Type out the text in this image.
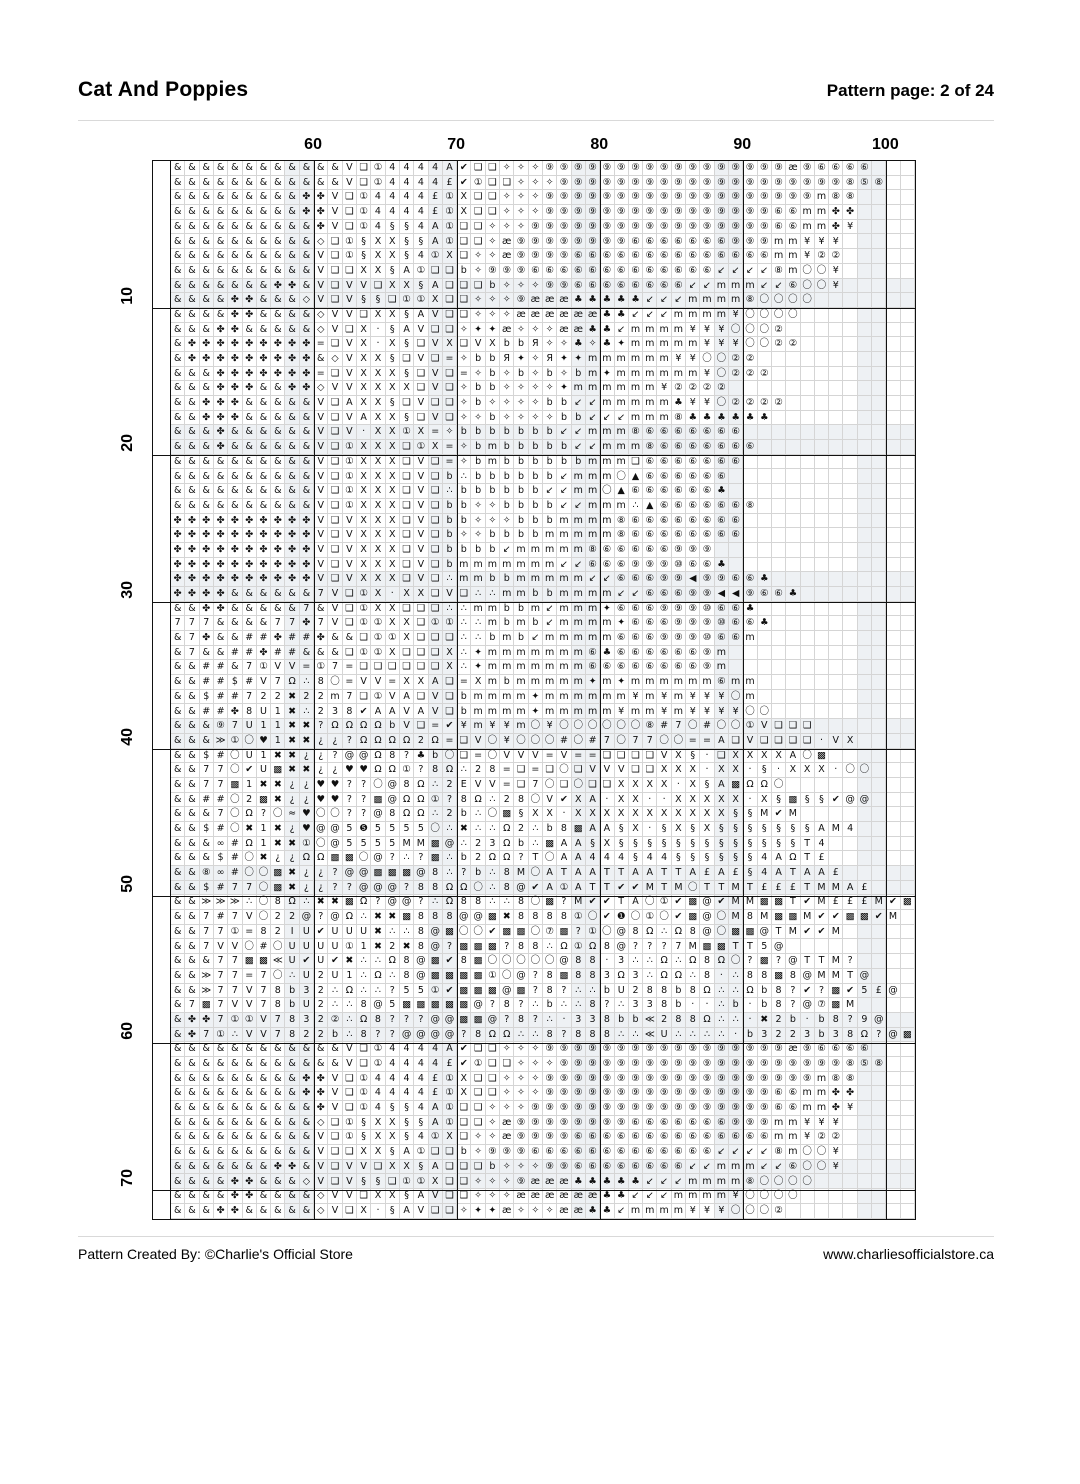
Cat And Poppies	Pattern page: 2 of 24
60	70	80	90	100
10
20
30
40
50
60
70
& & & & & & & & & & & & V ❑ ① 4 4 4 4 A ✔ ❑ ❑ ✧ ✧ ✧ ⑨ ⑨ ⑨ ⑨ ⑨ ⑨ ⑨ ⑨ ⑨ ⑨ ⑨ ⑨ ⑨ ⑨ ⑨ ⑨ ⑨ æ ⑨ ⑥ ⑥ ⑥ ⑥
& & & & & & & & & & & & V ❑ ① 4 4 4 4 £ ✔ ① ❑ ❑ ✧ ✧ ✧ ⑨ ⑨ ⑨ ⑨ ⑨ ⑨ ⑨ ⑨ ⑨ ⑨ ⑨ ⑨ ⑨ ⑨ ⑨ ⑨ ⑨ ⑨ ⑨ ⑨ ⑧ ⑤ ⑧
& & & & & & & & & ✤ ✤ V ❑ ① 4 4 4 4 £ ① X ❑ ❑ ✧ ✧ ✧ ⑨ ⑨ ⑨ ⑨ ⑨ ⑨ ⑨ ⑨ ⑨ ⑨ ⑨ ⑨ ⑨ ⑨ ⑨ ⑨ ⑨ ⑨ ⑨ m ⑧ ⑧
& & & & & & & & & ✤ ✤ V ❑ ① 4 4 4 4 £ ① X ❑ ❑ ✧ ✧ ✧ ⑨ ⑨ ⑨ ⑨ ⑨ ⑨ ⑨ ⑨ ⑨ ⑨ ⑨ ⑨ ⑨ ⑨ ⑨ ⑨ ⑥ ⑥ m m ✤ ✤
& & & & & & & & & & ✤ V ❑ ① 4 §	§ 4 A ① ❑ ❑ ✧ ✧ ✧ ⑨ ⑨ ⑨ ⑨ ⑨ ⑨ ⑨ ⑨ ⑨ ⑨ ⑨ ⑨ ⑨ ⑨ ⑨ ⑨ ⑨ ⑥ ⑥ m m ✤ ¥
& & & & & & & & & & ◇ ❑ ① § X X §	§ A ① ❑ ❑ ✧ æ ⑨ ⑨ ⑨ ⑨ ⑨ ⑨ ⑨ ⑨ ⑥ ⑥ ⑥ ⑥ ⑥ ⑥ ⑥ ⑨ ⑨ ⑨ m m ¥ ¥ ¥
& & & & & & & & & & V ❑ ① § X X § 4 ① X ❑ ✧ ✧ æ ⑨ ⑨ ⑨ ⑨ ⑥ ⑥ ⑥ ⑥ ⑥ ⑥ ⑥ ⑥ ⑥ ⑥ ⑥ ⑥ ⑥ ⑥ m m ¥ ② ②
& & & & & & & & & & V ❑ ❑ X X § A ① ❑ ❑ b ✧ ⑨ ⑨ ⑨ ⑥ ⑥ ⑥ ⑥ ⑥ ⑥ ⑥ ⑥ ⑥ ⑥ ⑥ ⑥ ⑥ ↙ ↙ ↙ ↙ ⑧ m 〇 〇 ¥
& & & & & & & ✤ ✤ & V ❑ V V ❑ X X § A ❑ ❑ ❑ b ✧ ✧ ✧ ⑨ ⑨ ⑥ ⑥ ⑥ ⑥ ⑥ ⑥ ⑥ ⑥ ↙ ↙ m m m ↙ ↙ ⑥ 〇 〇 ¥
& & & & ✤ ✤ & & & ◇ V ❑ V §	§ ❑ ① ① X ❑ ❑ ✧ ✧ ✧ ⑨ æ æ æ ♣ ♣ ♣ ♣ ♣ ↙ ↙ ↙ m m m m ⑧ 〇 〇 〇 〇
& & & & ✤ ✤ & & & & ◇ V V ❑ X X § A V ❑ ❑ ✧ ✧ ✧ æ æ æ æ æ æ ♣ ♣ ↙ ↙ ↙ m m m m ¥ 〇 〇 〇 〇
& & & ✤ ✤ & & & & & ◇ V ❑ X	·	§ A V ❑ ❑ ✧ ✦ ✦ æ ✧ ✧ ✧ æ æ ♣ ♣ ↙ m m m m ¥ ¥ ¥ 〇 〇 〇 ②
& ✤ ✤ ✤ ✤ ✤ ✤ ✤ ✤ ✤ = ❑ V X	·	X § ❑ V X ❑ V X b b Я ✧ ✧ ♣ ✧ ♣ ✦ m m m m m ¥ ¥ ¥ 〇 〇 ② ②
& ✤ ✤ ✤ ✤ ✤ ✤ ✤ ✤ ✤ & ◇ V X X § ❑ V ❑ = ✧ b b Я ✦ ✧ Я ✦ ✦ m m m m m m ¥ ¥ 〇 〇 ② ②
& & & ✤ ✤ ✤ ✤ ✤ ✤ ✤ = ❑ V X X X § ❑ V ❑ = ✧ b ✧ b ✧ b ✧ b m ✦ m m m m m m ¥ 〇 ② ② ②
& & & ✤ ✤ ✤ & & ✤ ✤ ◇ V V X X X X ❑ V ❑ ✧ b b ✧ ✧ ✧ ✧ ✦ m m m m m m ¥ ② ② ② ②
& & ✤ ✤ ✤ & & & & & V ❑ A X X § ❑ V ❑ ❑ ✧ b ✧ ✧ ✧ ✧ b b ↙ ↙ m m m m m ♣ ¥ ¥ 〇 ② ② ② ②
& & ✤ ✤ ✤ & & & & & V ❑ V A X X § ❑ V ❑ ✧ ✧ b ✧ ✧ ✧ ✧ b b ↙ ↙ ↙ m m m ⑧ ♣ ♣ ♣ ♣ ♣ ♣
& & & ✤ & & & & & & V ❑ V	·	X X ① X = ✧ b b b b b b b ↙ ↙ m m m ⑧ ⑥ ⑥ ⑥ ⑥ ⑥ ⑥ ⑥
& & & ✤ & & & & & & V ❑ ① X X X ❑ ① X = ✧ b m b b b b b ↙ ↙ m m m ⑧ ⑥ ⑥ ⑥ ⑥ ⑥ ⑥ ⑥
& & & & & & & & & & V ❑ ① X X X ❑ V ❑ = ✧ b m b b b b b b m m m ❑ ⑥ ⑥ ⑥ ⑥ ⑥ ⑥ ⑥
& & & & & & & & & & V ❑ ① X X X ❑ V ❑ b ∴ b b b b b b ↙ m m m 〇 ▲ ⑥ ⑥ ⑥ ⑥ ⑥ ⑥
& & & & & & & & & & V ❑ ① X X X ❑ V ❑ ∴ b b b b b b ↙ ↙ m m 〇 ▲ ⑥ ⑥ ⑥ ⑥ ⑥ ⑥ ♣
& & & & & & & & & & V ❑ ① X X X ❑ V ❑ b b ✧ ✧ b b b b ↙ ↙ m m m ∴ ▲ ⑥ ⑥ ⑥ ⑥ ⑥ ⑥ ⑧
✤ ✤ ✤ ✤ ✤ ✤ ✤ ✤ ✤ ✤ V ❑ V X X X ❑ V ❑ b b ✧ ✧ ✧ b b b m m m m ⑧ ⑥ ⑥ ⑥ ⑥ ⑥ ⑥ ⑥ ⑥
✤ ✤ ✤ ✤ ✤ ✤ ✤ ✤ ✤ ✤ V ❑ V X X X ❑ V ❑ b ✧ ✧ b b b b m m m m m ⑧ ⑥ ⑥ ⑥ ⑥ ⑥ ⑥ ⑥ ⑥
✤ ✤ ✤ ✤ ✤ ✤ ✤ ✤ ✤ ✤ V ❑ V X X X ❑ V ❑ b b b b ↙ m m m m m ⑧ ⑥ ⑥ ⑥ ⑥ ⑥ ⑨ ⑨ ⑨
✤ ✤ ✤ ✤ ✤ ✤ ✤ ✤ ✤ ✤ V ❑ V X X X ❑ V ❑ b m m m m m m m ↙ ↙ ⑥ ⑥ ⑥ ⑨ ⑨ ⑨ ⑩ ⑥ ⑥ ♣
✤ ✤ ✤ ✤ ✤ ✤ ✤ ✤ ✤ ✤ V ❑ V X X X ❑ V ❑ ∴ m m b b m m m m m ↙ ↙ ⑥ ⑥ ⑥ ⑨ ⑨ ◀ ⑨ ⑨ ⑥ ⑥ ♣
✤ ✤ ✤ ✤ & & & & & & 7 V ❑ ① X	·	X X ❑ V ❑ ∴ ∴ m m b b m m m m ↙ ↙ ⑥ ⑥ ⑥ ⑨ ⑨ ◀ ◀ ⑨ ⑥ ⑥ ♣
& & ✤ ✤ & & & & & 7 & V ❑ ① X X ❑ ❑ ❑ ∴ ∴ m m b b m ↙ m m m ✦ ⑥ ⑥ ⑥ ⑨ ⑨ ⑨ ⑩ ⑥ ⑥ ♣
7 7 7 & & & & 7 7 ✤ 7 V ❑ ① ① X X ❑ ① ① ∴ ∴ m b m b ↙ m m m m ✦ ⑥ ⑥ ⑥ ⑨ ⑨ ⑨ ⑩ ⑥ ⑥ ♣
& 7 ✤ & & # # ✤ # # ✤ & & ❑ ① ① X ❑ ❑ ❑ ∴ ∴ b m b ↙ m m m m m ⑥ ⑥ ⑥ ⑨ ⑨ ⑨ ⑩ ⑥ ⑥ m
& 7 & & # # ✤ # # & & & ❑ ① ① X ❑ ❑ ❑ X ∴ ✦ m m m m m m m ⑥ ♣ ⑥ ⑥ ⑥ ⑥ ⑥ ⑥ ⑨ m
& & # # & 7 ① V V = ① 7 = ❑ ❑ ❑ ❑ ❑ ❑ X ∴ ✦ m m m m m m m ⑥ ⑥ ⑥ ⑥ ⑥ ⑥ ⑥ ⑥ ⑨ m
& & # # $ # V 7 Ω ∴ 8 〇 = V V = X X A ❑ = X m b m m m m m ✦ m ✦ m m m m m m ⑥ m m
& & $ # # 7 2 2 ✖ 2 2 m 7 ❑ ① V A ❑ V ❑ b m m m m ✦ m m m m m m ¥ m ¥ m ¥ ¥ ¥ 〇 m
& & # # ✤ 8 U 1 ✖ ∴ 2 3 8 ✔ A A V A V ❑ b m m m m ✦ m m m m m ¥ m m ¥ m ¥ ¥ ¥ ¥ 〇 〇
& & & ⑨ 7 U 1 1 ✖ ✖ ? Ω Ω Ω Ω b V ❑ = ✔ ¥ m ¥ ¥ m 〇 ¥ 〇 〇 〇 〇 〇 〇 ⑧ # 7 〇 # 〇 〇 ① V ❑ ❑ ❑
& & & ≫ ① 〇 ♥ 1 ✖ ✖ ¿ ¿ ? Ω Ω Ω Ω 2 Ω = ❑ V 〇 ¥ 〇 〇 〇 # 〇 # 7 〇 7 7 〇 〇 = = A ❑ V ❑ ❑ ❑ ❑ ·	V X
& & $ # 〇 U 1 ✖ ✖ ¿ ¿ ? @ @ Ω 8 ? ♣ b 〇 ❑ = 〇 V V V = V = = ❑ ❑ ❑ ❑ V X §	· ❑ X X X X A 〇 ▩
& & 7 7 〇 ✔ U ▩ ✖ ✖ ¿ ¿ ♥ ♥ Ω Ω ① ? 8 Ω ∴ 2 8 = ❑ = ❑ 〇 ❑ V V V ❑ ❑ X X X	·	X X	·	§	·	X X X	· 〇 〇
& & 7 7 ▩ 1 ✖ ✖ ¿ ¿ ♥ ♥ ? ? 〇 @ 8 Ω ∴ 2 E V V = ❑ 7 〇 ❑ 〇 ❑ ❑ X X X X	·	X § A ▩ Ω Ω 〇
& & # # 〇 2 ▩ ✖ ¿ ¿ ♥ ♥ ? ? ▩ @ Ω Ω ① ? 8 Ω ∴ 2 8 〇 V ✔ X A	·	X X	·	·	X X X X X	·	X § ▩ §	§ ✔ @ @
& & & 7 〇 Ω ? 〇 ≈ ♥ 〇 〇 ? ? @ 8 Ω Ω ∴ 2 b ∴ 〇 ▩ § X X	·	X X X X X X X X X X X §	§ M ✔ M
& & $ # 〇 ✖ 1 ✖ ¿ ♥ @ @ 5 ❺ 5 5 5 5 〇 ∴ ✖ ∴ ∴ Ω 2 ∴ b 8 ▩ A A § X	·	§ X § X §	§	§	§	§	§	§ A M 4
& & & ∞ # Ω 1 ✖ ✖ ① 〇 @ 5 5 5 5 M M ▩ @ ∴ 2 3 Ω b ∴ ▩ A A § X §	§	§	§	§	§	§	§	§	§	§	§	§ T 4
& & & $ # 〇 ✖ ¿ ¿ Ω Ω ▩ ▩ 〇 @ ? ∴ ? ▩ ∴ b 2 Ω Ω ? T 〇 A A 4 4 4 § 4 4 §	§	§	§	§	§ 4 A Ω T £
& & ⑧ ∞ # 〇 〇 ▩ ✖ ¿ ¿ ? @ @ ▩ ▩ ▩ @ 8 ∴ ? b ∴ 8 M 〇 A T A A T T A A T T A £ A £ § 4 A T A A £
& & $ # 7 7 〇 ▩ ✖ ¿ ¿ ? ? @ @ @ ? 8 8 Ω Ω 〇 ∴ 8 @ ✔ A ① A T T ✔ ✔ M T M 〇 T T M T £ £ £ T M M A £
& & ≫ ≫ ≫ ∴ 〇 8 Ω ∴ ✖ ✖ ▩ Ω ? @ @ ? ∴ Ω 8 8 ∴ ∴ 8 〇 ▩ ? M ✔ ✔ T A 〇 ① ✔ ▩ @ ✔ M M ▩ ▩ T ✔ M £ £ £ M ✔ ▩
& & 7 # 7 V 〇 2 2 @ ? @ Ω ∴ ✖ ✖ ▩ 8 8 8 @ @ ▩ ✖ 8 8 8 8 ① 〇 ✔ ❶ 〇 ① 〇 ✔ ▩ @ 〇 M 8 M ▩ ▩ M ✔ ✔ ▩ ▩ ✔ M
& & 7 7 ① = 8 2	I U ✔ U U U ✖ ∴ ∴ 8 @ ▩ 〇 〇 ✔ ▩ ▩ 〇 ⑦ ▩ ? ① 〇 @ 8 Ω ∴ Ω 8 @ 〇 ▩ ▩ @ T M ✔ ✔ M
& & 7 V V 〇 # 〇 U U U U ① 1 ✖ 2 ✖ 8 @ ? ▩ ▩ ▩ ? 8 8 ∴ Ω ① Ω 8 @ ? ? ? 7 M ▩ ▩ T T 5 @
& & & 7 7 ▩ ▩ ≪ U ✔ U ✔ ✖ ∴ ∴ Ω 8 @ ▩ ✔ 8 ▩ 〇 〇 〇 〇 〇 @ 8 8	·	3 ∴ ∴ Ω ∴ Ω 8 Ω 〇 ? ▩ ? @ T T M ?
& & ≫ 7 7 = 7 〇 ∴ U 2 U 1 ∴ Ω ∴ 8 @ ▩ ▩ ▩ ▩ ① 〇 @ ? 8 ▩ 8 8 3 Ω 3 ∴ Ω Ω ∴ 8	·	∴ 8 8 ▩ 8 @ M M T @
& & ≫ 7 7 V 7 8 b 3 2 ∴ Ω ∴ ∴ ? 5 5 ① ✔ ▩ ▩ ▩ @ ▩ ? 8 ? ∴ ∴ b U 2 8 8 b 8 Ω ∴ ∴ Ω b 8 ? ✔ ? ▩ ✔ 5 £ @
& 7 ▩ 7 V V 7 8 b U 2 ∴ ∴ 8 @ 5 ▩ ▩ ▩ ▩ ▩ @ ? 8 ? ∴ b ∴ ∴ 8 ? ∴ 3 3 8 b	·	·	∴ b	·	b 8 ? @ ⑦ ▩ M
& ✤ ✤ 7 ① ① V 7 8 3 2 ② ∴ Ω 8 ? ? ? @ @ ▩ ▩ @ ? 8 ? ∴	·	3 3 8 b b ≪ 2 8 8 Ω ∴ ∴	· ✖ 2 b	·	b 8 ? 9 @
& ✤ 7 ① ∴ V V 7 8 2 2 b ∴ 8 ? ? @ @ @ @ ? 8 Ω Ω ∴ ∴ 8 ? 8 8 8 ∴ ∴ ≪ U ∴ ∴ ∴ ∴	·	b 3 2 2 3 b 3 8 Ω ? @ ▩
& & & & & & & & & & & & V ❑ ① 4 4 4 4 A ✔ ❑ ❑ ✧ ✧ ✧ ⑨ ⑨ ⑨ ⑨ ⑨ ⑨ ⑨ ⑨ ⑨ ⑨ ⑨ ⑨ ⑨ ⑨ ⑨ ⑨ ⑨ æ ⑨ ⑥ ⑥ ⑥ ⑥
& & & & & & & & & & & & V ❑ ① 4 4 4 4 £ ✔ ① ❑ ❑ ✧ ✧ ✧ ⑨ ⑨ ⑨ ⑨ ⑨ ⑨ ⑨ ⑨ ⑨ ⑨ ⑨ ⑨ ⑨ ⑨ ⑨ ⑨ ⑨ ⑨ ⑨ ⑨ ⑧ ⑤ ⑧
& & & & & & & & & ✤ ✤ V ❑ ① 4 4 4 4 £ ① X ❑ ❑ ✧ ✧ ✧ ⑨ ⑨ ⑨ ⑨ ⑨ ⑨ ⑨ ⑨ ⑨ ⑨ ⑨ ⑨ ⑨ ⑨ ⑨ ⑨ ⑨ ⑨ ⑨ m ⑧ ⑧
& & & & & & & & & ✤ ✤ V ❑ ① 4 4 4 4 £ ① X ❑ ❑ ✧ ✧ ✧ ⑨ ⑨ ⑨ ⑨ ⑨ ⑨ ⑨ ⑨ ⑨ ⑨ ⑨ ⑨ ⑨ ⑨ ⑨ ⑨ ⑥ ⑥ m m ✤ ✤
& & & & & & & & & & ✤ V ❑ ① 4 §	§ 4 A ① ❑ ❑ ✧ ✧ ✧ ⑨ ⑨ ⑨ ⑨ ⑨ ⑨ ⑨ ⑨ ⑨ ⑨ ⑨ ⑨ ⑨ ⑨ ⑨ ⑨ ⑨ ⑥ ⑥ m m ✤ ¥
& & & & & & & & & & ◇ ❑ ① § X X §	§ A ① ❑ ❑ ✧ æ ⑨ ⑨ ⑨ ⑨ ⑨ ⑨ ⑨ ⑨ ⑥ ⑥ ⑥ ⑥ ⑥ ⑥ ⑥ ⑨ ⑨ ⑨ m m ¥ ¥ ¥
& & & & & & & & & & V ❑ ① § X X § 4 ① X ❑ ✧ ✧ æ ⑨ ⑨ ⑨ ⑨ ⑥ ⑥ ⑥ ⑥ ⑥ ⑥ ⑥ ⑥ ⑥ ⑥ ⑥ ⑥ ⑥ ⑥ m m ¥ ② ②
& & & & & & & & & & V ❑ ❑ X X § A ① ❑ ❑ b ✧ ⑨ ⑨ ⑨ ⑥ ⑥ ⑥ ⑥ ⑥ ⑥ ⑥ ⑥ ⑥ ⑥ ⑥ ⑥ ⑥ ↙ ↙ ↙ ↙ ⑧ m 〇 〇 ¥
& & & & & & & ✤ ✤ & V ❑ V V ❑ X X § A ❑ ❑ ❑ b ✧ ✧ ✧ ⑨ ⑨ ⑥ ⑥ ⑥ ⑥ ⑥ ⑥ ⑥ ⑥ ↙ ↙ m m m ↙ ↙ ⑥ 〇 〇 ¥
& & & & ✤ ✤ & & & ◇ V ❑ V §	§ ❑ ① ① X ❑ ❑ ✧ ✧ ✧ ⑨ æ æ æ ♣ ♣ ♣ ♣ ♣ ↙ ↙ ↙ m m m m ⑧ 〇 〇 〇 〇
& & & & ✤ ✤ & & & & ◇ V V ❑ X X § A V ❑ ❑ ✧ ✧ ✧ æ æ æ æ æ æ ♣ ♣ ↙ ↙ ↙ m m m m ¥ 〇 〇 〇 〇
& & & ✤ ✤ & & & & & ◇ V ❑ X	·	§ A V ❑ ❑ ✧ ✦ ✦ æ ✧ ✧ ✧ æ æ ♣ ♣ ↙ m m m m ¥ ¥ ¥ 〇 〇 〇 ②
Pattern Created By: ©Charlie's Official Store	www.charliesofficialstore.ca
